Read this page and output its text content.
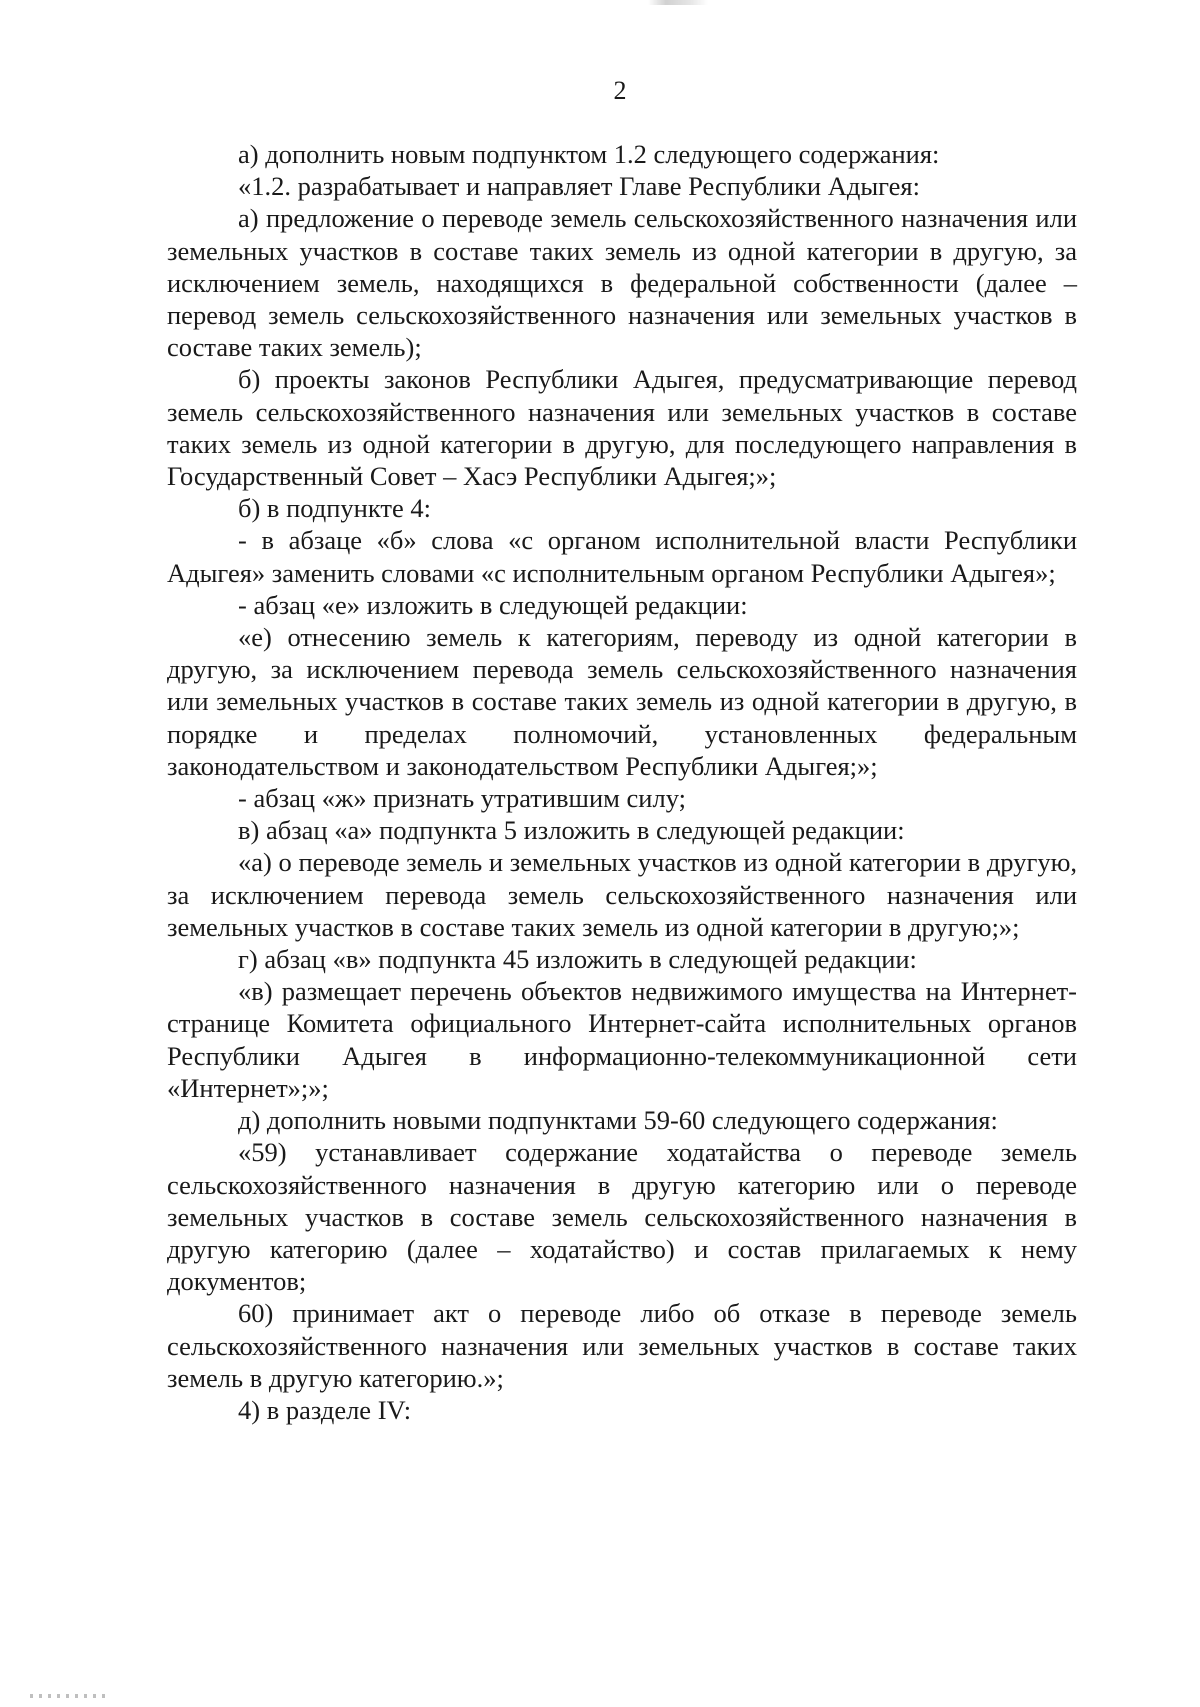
2

а) дополнить новым подпунктом 1.2 следующего содержания:

«1.2. разрабатывает и направляет Главе Республики Адыгея:

а) предложение о переводе земель сельскохозяйственного назначения или земельных участков в составе таких земель из одной категории в другую, за исключением земель, находящихся в федеральной собственности (далее – перевод земель сельскохозяйственного назначения или земельных участков в составе таких земель);

б) проекты законов Республики Адыгея, предусматривающие перевод земель сельскохозяйственного назначения или земельных участков в составе таких земель из одной категории в другую, для последующего направления в Государственный Совет – Хасэ Республики Адыгея;»;

б) в подпункте 4:

- в абзаце «б» слова «с органом исполнительной власти Республики Адыгея» заменить словами «с исполнительным органом Республики Адыгея»;

- абзац «е» изложить в следующей редакции:

«е) отнесению земель к категориям, переводу из одной категории в другую, за исключением перевода земель сельскохозяйственного назначения или земельных участков в составе таких земель из одной категории в другую, в порядке и пределах полномочий, установленных федеральным законодательством и законодательством Республики Адыгея;»;

- абзац «ж» признать утратившим силу;

в) абзац «а» подпункта 5 изложить в следующей редакции:

«а) о переводе земель и земельных участков из одной категории в другую, за исключением перевода земель сельскохозяйственного назначения или земельных участков в составе таких земель из одной категории в другую;»;

г) абзац «в» подпункта 45 изложить в следующей редакции:

«в) размещает перечень объектов недвижимого имущества на Интернет-странице Комитета официального Интернет-сайта исполнительных органов Республики Адыгея в информационно-телекоммуникационной сети «Интернет»;»;

д) дополнить новыми подпунктами 59-60 следующего содержания:

«59) устанавливает содержание ходатайства о переводе земель сельскохозяйственного назначения в другую категорию или о переводе земельных участков в составе земель сельскохозяйственного назначения в другую категорию (далее – ходатайство) и состав прилагаемых к нему документов;

60) принимает акт о переводе либо об отказе в переводе земель сельскохозяйственного назначения или земельных участков в составе таких земель в другую категорию.»;

4) в разделе IV:
